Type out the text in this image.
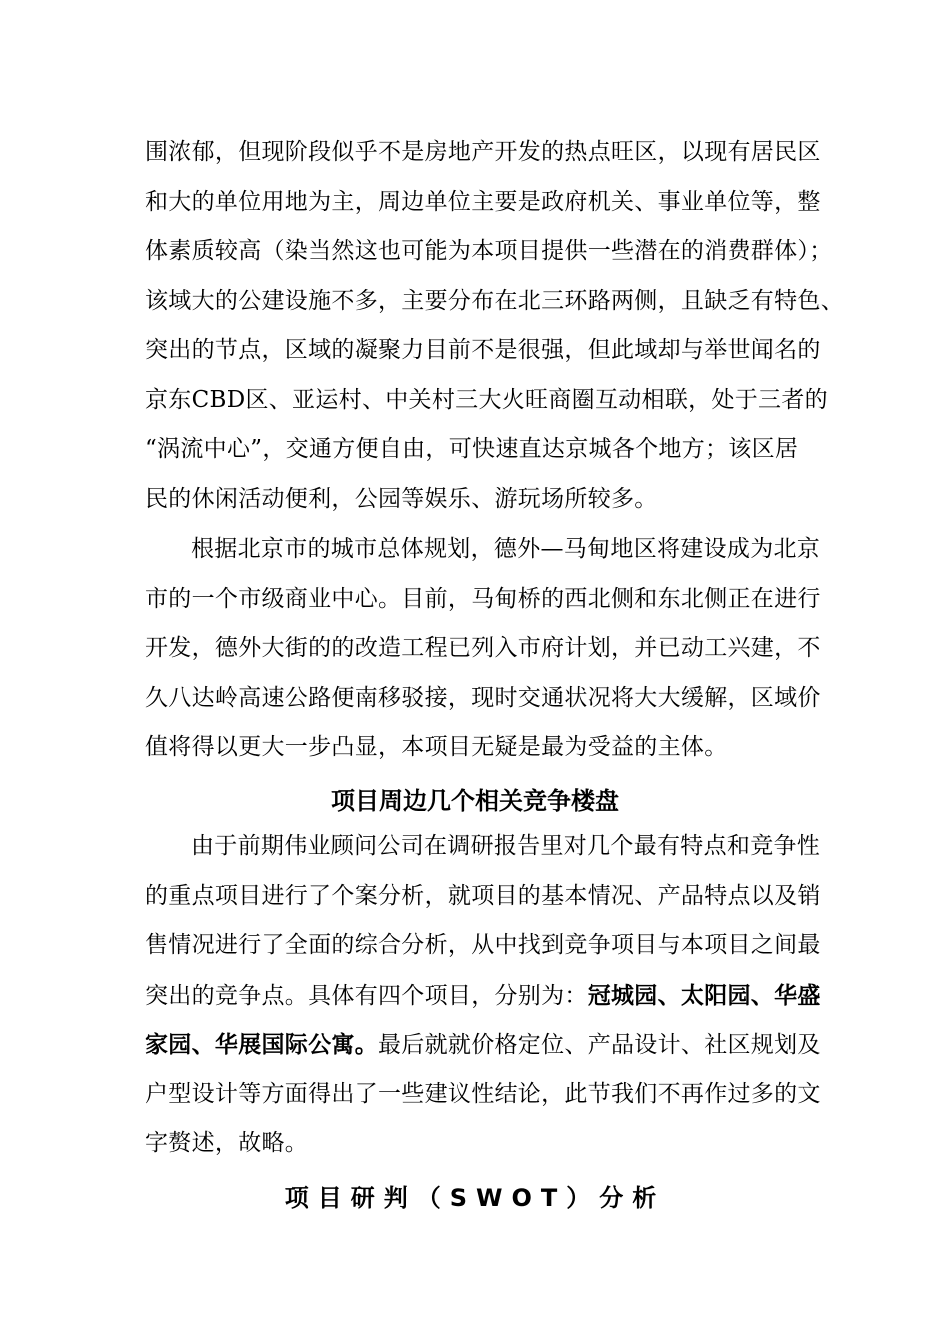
围浓郁，但现阶段似乎不是房地产开发的热点旺区，以现有居民区
和大的单位用地为主，周边单位主要是政府机关、事业单位等，整
体素质较高（染当然这也可能为本项目提供一些潜在的消费群体）；
该域大的公建设施不多，主要分布在北三环路两侧，且缺乏有特色、
突出的节点，区域的凝聚力目前不是很强，但此域却与举世闻名的
京东CBD区、亚运村、中关村三大火旺商圈互动相联，处于三者的
“涡流中心”，交通方便自由，可快速直达京城各个地方；该区居
民的休闲活动便利，公园等娱乐、游玩场所较多。
根据北京市的城市总体规划，德外—马甸地区将建设成为北京
市的一个市级商业中心。目前，马甸桥的西北侧和东北侧正在进行
开发，德外大街的的改造工程已列入市府计划，并已动工兴建，不
久八达岭高速公路便南移驳接，现时交通状况将大大缓解，区域价
值将得以更大一步凸显，本项目无疑是最为受益的主体。
项目周边几个相关竞争楼盘
由于前期伟业顾问公司在调研报告里对几个最有特点和竞争性
的重点项目进行了个案分析，就项目的基本情况、产品特点以及销
售情况进行了全面的综合分析，从中找到竞争项目与本项目之间最
突出的竞争点。具体有四个项目，分别为：冠城园、太阳园、华盛
家园、华展国际公寓。最后就就价格定位、产品设计、社区规划及
户型设计等方面得出了一些建议性结论，此节我们不再作过多的文
字赘述，故略。
项目研判（SWOT）分析
